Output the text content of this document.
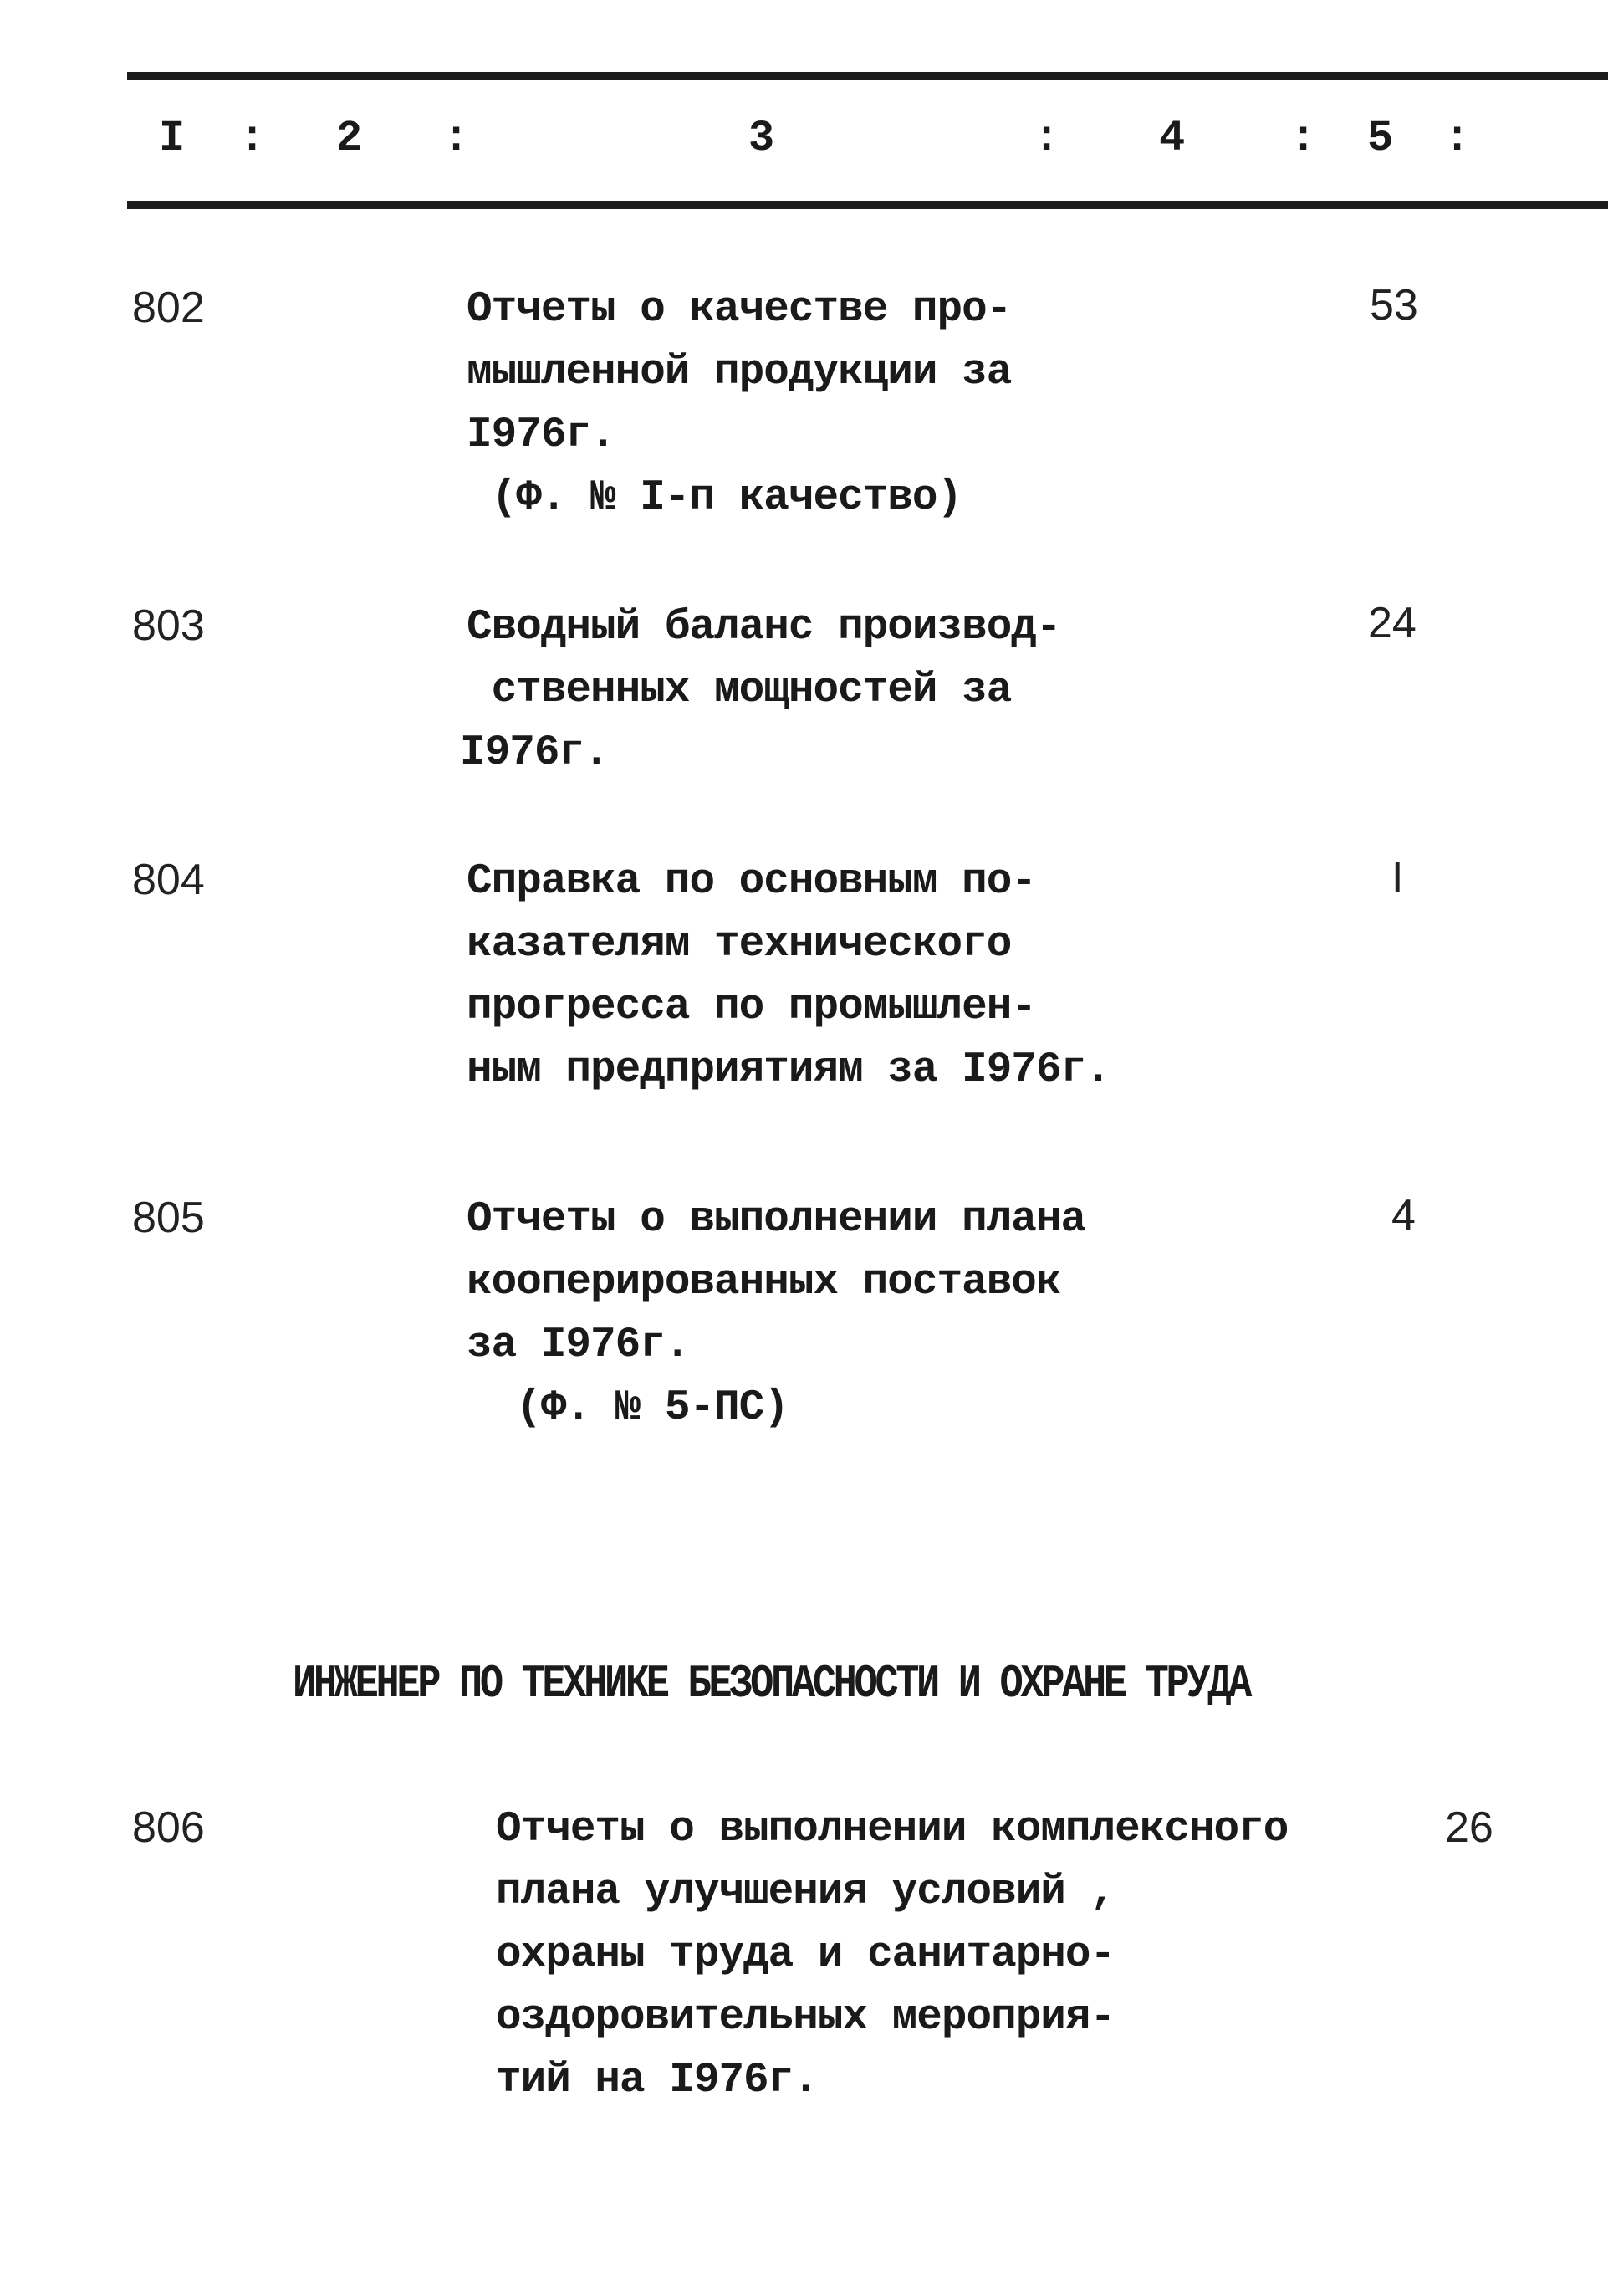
I : 2 :	3	: 4 : 5 :
802	Отчеты о качестве про-
мышленной продукции за
I976г.
(Ф. № I-п качество)
53
803	Сводный баланс производ-
ственных мощностей за
I976г.
24
804	Справка по основным по-
казателям технического
прогресса по промышлен-
ным предприятиям за I976г.
I
805	Отчеты о выполнении плана
кооперированных поставок
за I976г.
(Ф. № 5-ПС)
4
ИНЖЕНЕР ПО ТЕХНИКЕ БЕЗОПАСНОСТИ И ОХРАНЕ ТРУДА
806	Отчеты о выполнении комплексного
плана улучшения условий ,
охраны труда и санитарно-
оздоровительных мероприя-
тий на I976г.
26
